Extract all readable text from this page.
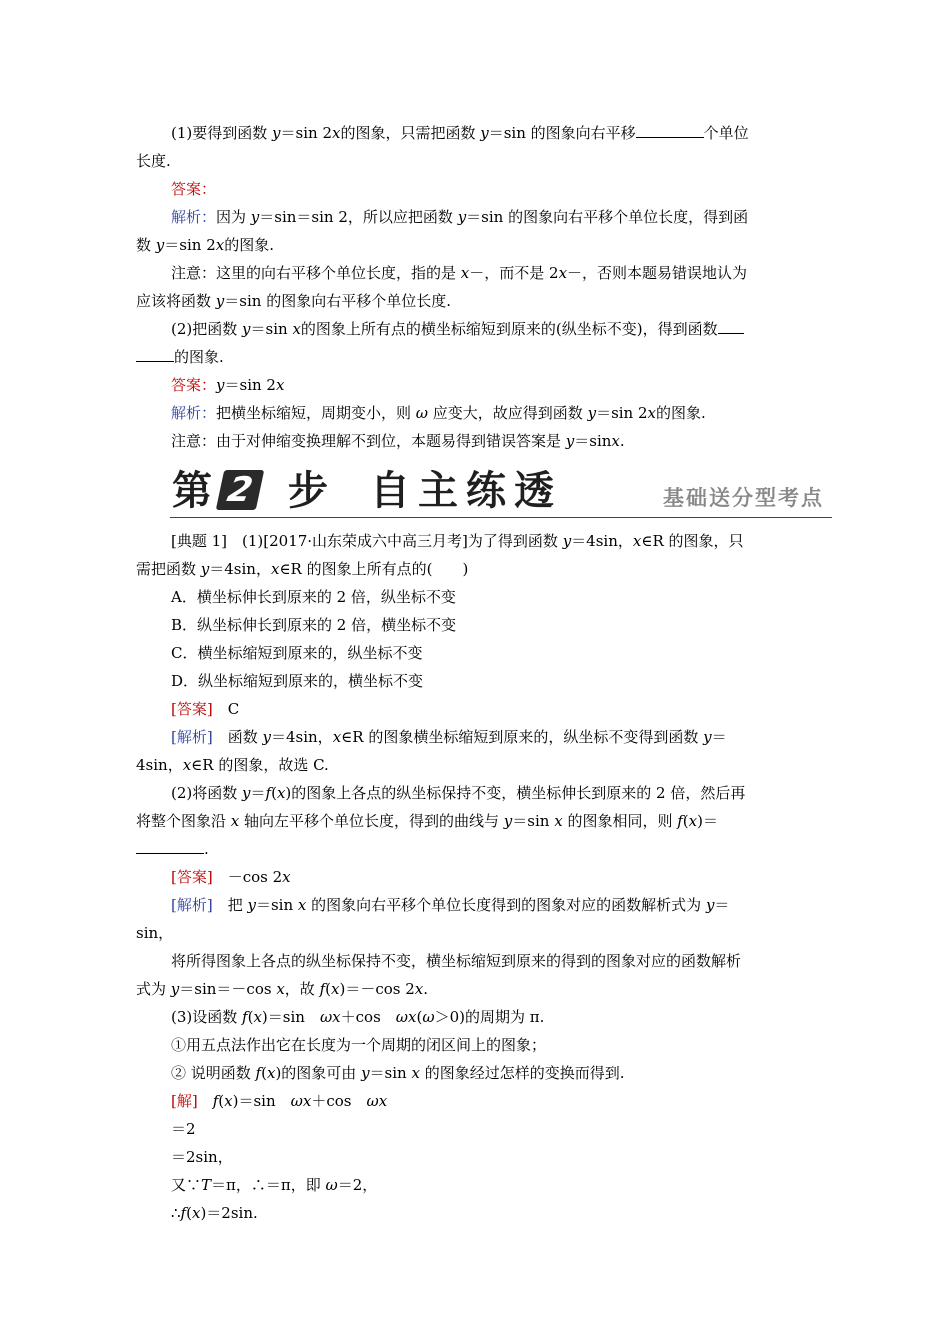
(1)要得到函数 y＝sin 2x的图象，只需把函数 y＝sin 的图象向右平移	个单位
长度.
答案：
解析：因为 y＝sin＝sin 2，所以应把函数 y＝sin 的图象向右平移个单位长度，得到函
数 y＝sin 2x的图象.
注意：这里的向右平移个单位长度，指的是 x－，而不是 2x－，否则本题易错误地认为
应该将函数 y＝sin 的图象向右平移个单位长度.
(2)把函数 y＝sin x的图象上所有点的横坐标缩短到原来的(纵坐标不变)，得到函数
的图象.
答案：y＝sin 2x
解析：把横坐标缩短，周期变小，则 ω 应变大，故应得到函数 y＝sin 2x的图象.
注意：由于对伸缩变换理解不到位，本题易得到错误答案是 y＝sinx.
第 2 步 自主练透	基础送分型考点
[典题 1]　(1)[2017·山东荣成六中高三月考]为了得到函数 y＝4sin，x∈R 的图象，只
需把函数 y＝4sin，x∈R 的图象上所有点的(　　)
A．横坐标伸长到原来的 2 倍，纵坐标不变
B．纵坐标伸长到原来的 2 倍，横坐标不变
C．横坐标缩短到原来的，纵坐标不变
D．纵坐标缩短到原来的，横坐标不变
[答案]　C
[解析]　函数 y＝4sin，x∈R 的图象横坐标缩短到原来的，纵坐标不变得到函数 y＝
4sin，x∈R 的图象，故选 C.
(2)将函数 y＝f(x)的图象上各点的纵坐标保持不变，横坐标伸长到原来的 2 倍，然后再
将整个图象沿 x 轴向左平移个单位长度，得到的曲线与 y＝sin x 的图象相同，则 f(x)＝
.
[答案]　－cos 2x
[解析]　把 y＝sin x 的图象向右平移个单位长度得到的图象对应的函数解析式为 y＝
sin，
将所得图象上各点的纵坐标保持不变，横坐标缩短到原来的得到的图象对应的函数解析
式为 y＝sin＝－cos x，故 f(x)＝－cos 2x.
(3)设函数 f(x)＝sin　ωx＋cos　ωx(ω＞0)的周期为 π.
①用五点法作出它在长度为一个周期的闭区间上的图象；
② 说明函数 f(x)的图象可由 y＝sin x 的图象经过怎样的变换而得到.
[解]　 f(x)＝sin　ωx＋cos　ωx
＝2
＝2sin，
又∵T＝π，∴＝π，即 ω＝2，
∴f(x)＝2sin.
